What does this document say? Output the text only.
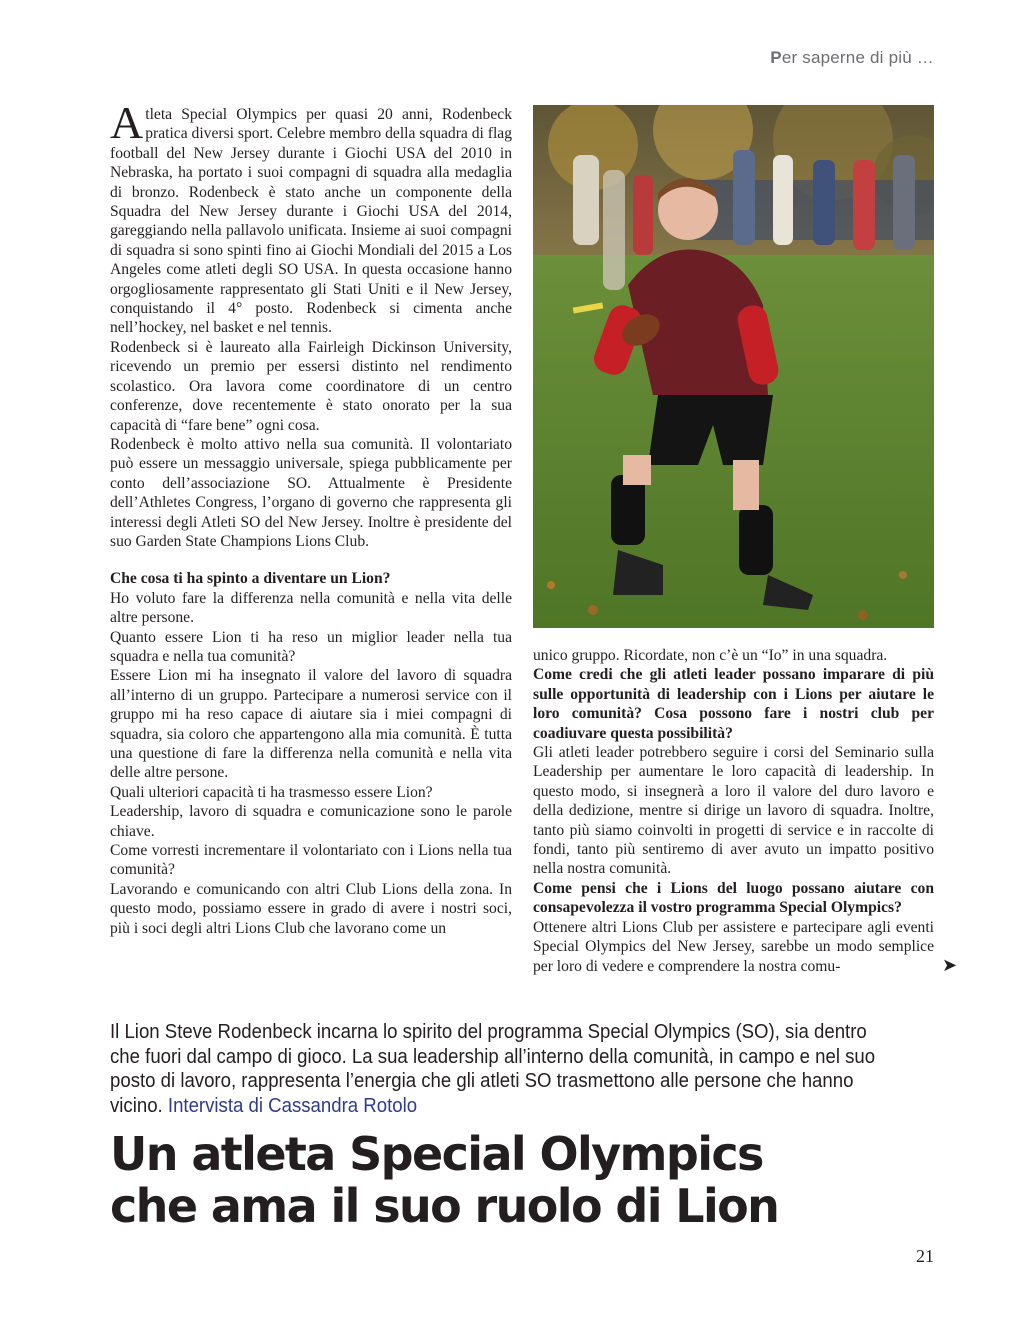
Per saperne di più …

Atleta Special Olympics per quasi 20 anni, Rodenbeck pratica diversi sport. Celebre membro della squadra di flag football del New Jersey durante i Giochi USA del 2010 in Nebraska, ha portato i suoi compagni di squadra alla medaglia di bronzo. Rodenbeck è stato anche un componente della Squadra del New Jersey durante i Giochi USA del 2014, gareggiando nella pallavolo unificata. Insieme ai suoi compagni di squadra si sono spinti fino ai Giochi Mondiali del 2015 a Los Angeles come atleti degli SO USA. In questa occasione hanno orgogliosamente rappresentato gli Stati Uniti e il New Jersey, conquistando il 4° posto. Rodenbeck si cimenta anche nell’hockey, nel basket e nel tennis.

Rodenbeck si è laureato alla Fairleigh Dickinson University, ricevendo un premio per essersi distinto nel rendimento scolastico. Ora lavora come coordinatore di un centro conferenze, dove recentemente è stato onorato per la sua capacità di “fare bene” ogni cosa.

Rodenbeck è molto attivo nella sua comunità. Il volontariato può essere un messaggio universale, spiega pubblicamente per conto dell’associazione SO. Attualmente è Presidente dell’Athletes Congress, l’organo di governo che rappresenta gli interessi degli Atleti SO del New Jersey. Inoltre è presidente del suo Garden State Champions Lions Club.

Che cosa ti ha spinto a diventare un Lion?

Ho voluto fare la differenza nella comunità e nella vita delle altre persone.

Quanto essere Lion ti ha reso un miglior leader nella tua squadra e nella tua comunità?

Essere Lion mi ha insegnato il valore del lavoro di squadra all’interno di un gruppo. Partecipare a numerosi service con il gruppo mi ha reso capace di aiutare sia i miei compagni di squadra, sia coloro che appartengono alla mia comunità. È tutta una questione di fare la differenza nella comunità e nella vita delle altre persone.

Quali ulteriori capacità ti ha trasmesso essere Lion?

Leadership, lavoro di squadra e comunicazione sono le parole chiave.

Come vorresti incrementare il volontariato con i Lions nella tua comunità?

Lavorando e comunicando con altri Club Lions della zona. In questo modo, possiamo essere in grado di avere i nostri soci, più i soci degli altri Lions Club che lavorano come un

unico gruppo. Ricordate, non c’è un “Io” in una squadra.

Come credi che gli atleti leader possano imparare di più sulle opportunità di leadership con i Lions per aiutare le loro comunità? Cosa possono fare i nostri club per coadiuvare questa possibilità?

Gli atleti leader potrebbero seguire i corsi del Seminario sulla Leadership per aumentare le loro capacità di leadership. In questo modo, si insegnerà a loro il valore del duro lavoro e della dedizione, mentre si dirige un lavoro di squadra. Inoltre, tanto più siamo coinvolti in progetti di service e in raccolte di fondi, tanto più sentiremo di aver avuto un impatto positivo nella nostra comunità.

Come pensi che i Lions del luogo possano aiutare con consapevolezza il vostro programma Special Olympics?

Ottenere altri Lions Club per assistere e partecipare agli eventi Special Olympics del New Jersey, sarebbe un modo semplice per loro di vedere e comprendere la nostra comu-	➤
Il Lion Steve Rodenbeck incarna lo spirito del programma Special Olympics (SO), sia dentro che fuori dal campo di gioco. La sua leadership all’interno della comunità, in campo e nel suo posto di lavoro, rappresenta l’energia che gli atleti SO trasmettono alle persone che hanno vicino. Intervista di Cassandra Rotolo
Un atleta Special Olympics
che ama il suo ruolo di Lion
21
